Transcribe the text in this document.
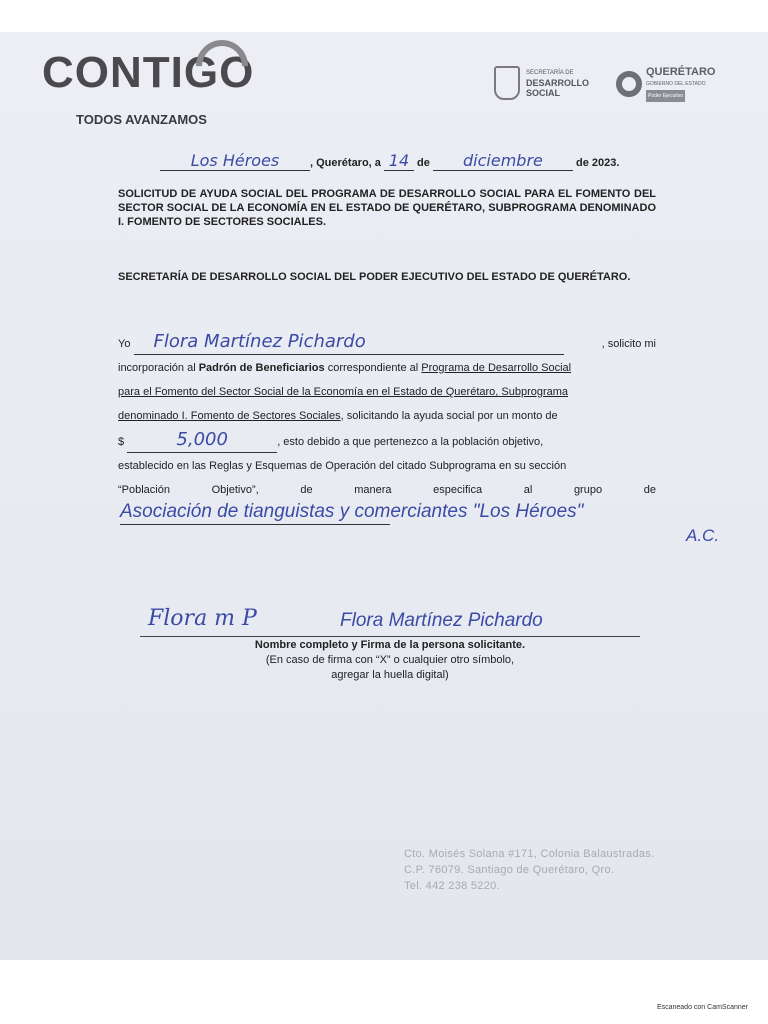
CONTIGO
TODOS AVANZAMOS
SECRETARÍA DE
DESARROLLO
SOCIAL
QUERÉTARO
GOBIERNO DEL ESTADO
Poder Ejecutivo
Los Héroes	, Querétaro, a 14 de diciembre	de 2023.
SOLICITUD DE AYUDA SOCIAL DEL PROGRAMA DE DESARROLLO SOCIAL PARA EL FOMENTO DEL SECTOR SOCIAL DE LA ECONOMÍA EN EL ESTADO DE QUERÉTARO, SUBPROGRAMA DENOMINADO I. FOMENTO DE SECTORES SOCIALES.
SECRETARÍA DE DESARROLLO SOCIAL DEL PODER EJECUTIVO DEL ESTADO DE QUERÉTARO.
Yo Flora Martínez Pichardo	, solicito mi
incorporación al Padrón de Beneficiarios correspondiente al Programa de Desarrollo Social
para el Fomento del Sector Social de la Economía en el Estado de Querétaro, Subprograma
denominado I. Fomento de Sectores Sociales, solicitando la ayuda social por un monto de
$	5,000	, esto debido a que pertenezco a la población objetivo,
establecido en las Reglas y Esquemas de Operación del citado Subprograma en su sección
“Población	Objetivo”,	de	manera	especifica	al	grupo	de
Asociación de tianguistas y comerciantes "Los Héroes"
A.C.
Flora m P	Flora Martínez Pichardo
Nombre completo y Firma de la persona solicitante.
(En caso de firma con “X” o cualquier otro símbolo,
agregar la huella digital)
Cto. Moisés Solana #171, Colonia Balaustradas.
C.P. 76079. Santiago de Querétaro, Qro.
Tel. 442 238 5220.
Escaneado con CamScanner
